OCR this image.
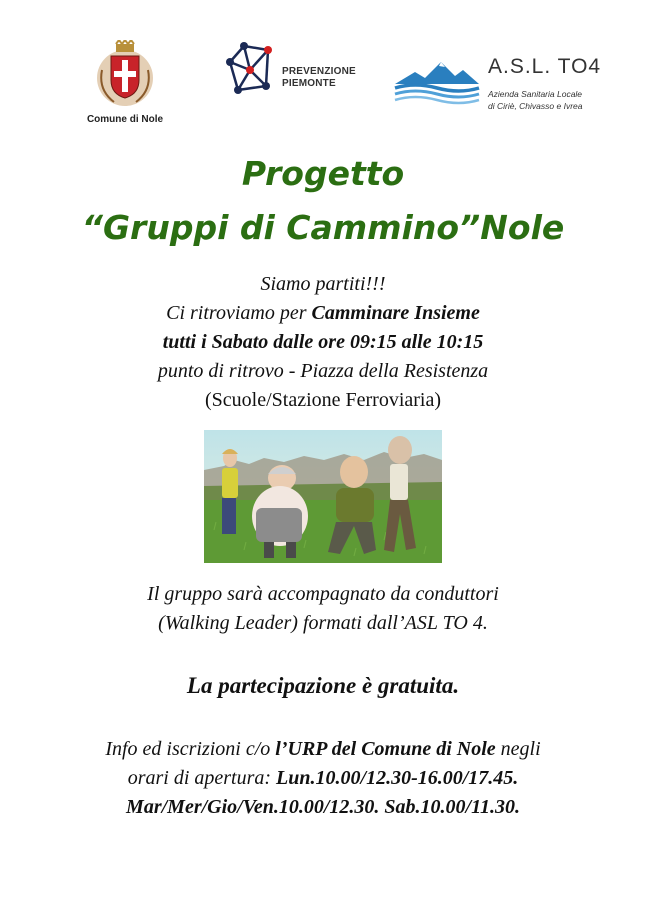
Comune di Nole
PREVENZIONE
PIEMONTE
A.S.L. TO4
Azienda Sanitaria Locale
di Ciriè, Chivasso e Ivrea
Progetto
“Gruppi di Cammino”Nole
Siamo partiti!!!
Ci ritroviamo per Camminare Insieme
tutti i Sabato dalle ore 09:15 alle 10:15
punto di ritrovo - Piazza della Resistenza
(Scuole/Stazione Ferroviaria)
Il gruppo sarà accompagnato da conduttori
(Walking Leader) formati dall’ASL TO 4.
La partecipazione è gratuita.
Info ed iscrizioni c/o l’URP del Comune di Nole negli
orari di apertura: Lun.10.00/12.30-16.00/17.45.
Mar/Mer/Gio/Ven.10.00/12.30. Sab.10.00/11.30.
